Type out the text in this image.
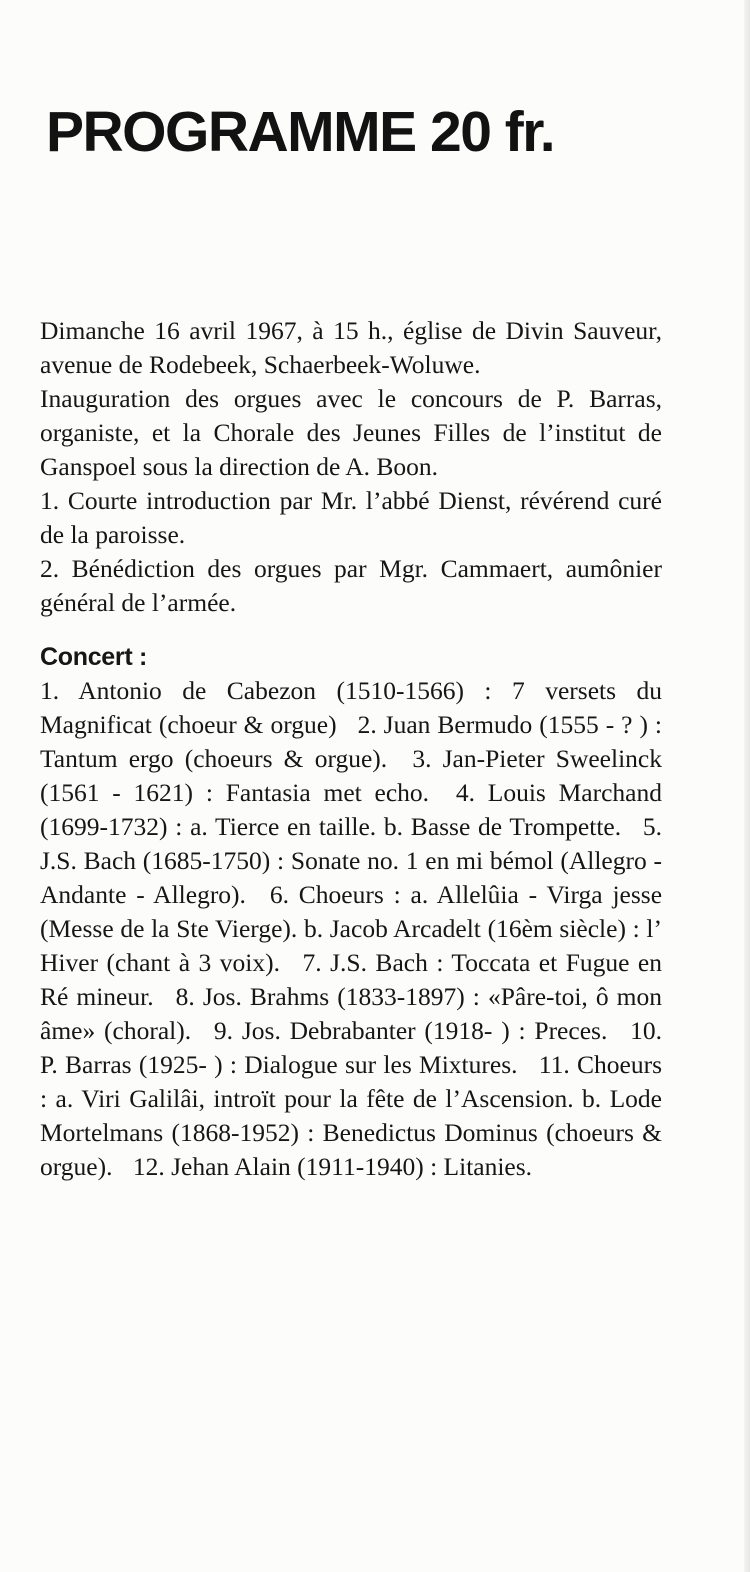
PROGRAMME 20 fr.

Dimanche 16 avril 1967, à 15 h., église de Divin Sauveur, avenue de Rodebeek, Schaerbeek-Woluwe.

Inauguration des orgues avec le concours de P. Barras, organiste, et la Chorale des Jeunes Filles de l’institut de Ganspoel sous la direction de A. Boon.

1. Courte introduction par Mr. l’abbé Dienst, révérend curé de la paroisse.

2. Bénédiction des orgues par Mgr. Cammaert, aumônier général de l’armée.

Concert :

1. Antonio de Cabezon (1510-1566) : 7 versets du Magnificat (choeur & orgue) 2. Juan Bermudo (1555 - ? ) : Tantum ergo (choeurs & orgue). 3. Jan-Pieter Sweelinck (1561 - 1621) : Fantasia met echo. 4. Louis Marchand (1699-1732) : a. Tierce en taille. b. Basse de Trompette. 5. J.S. Bach (1685-1750) : Sonate no. 1 en mi bémol (Allegro - Andante - Allegro). 6. Choeurs : a. Allelûia - Virga jesse (Messe de la Ste Vierge). b. Jacob Arcadelt (16èm siècle) : l’ Hiver (chant à 3 voix). 7. J.S. Bach : Toccata et Fugue en Ré mineur. 8. Jos. Brahms (1833-1897) : «Pâre-toi, ô mon âme» (choral). 9. Jos. Debrabanter (1918- ) : Preces. 10. P. Barras (1925- ) : Dialogue sur les Mixtures. 11. Choeurs : a. Viri Galilâi, introït pour la fête de l’Ascension. b. Lode Mortelmans (1868-1952) : Benedictus Dominus (choeurs & orgue). 12. Jehan Alain (1911-1940) : Litanies.
